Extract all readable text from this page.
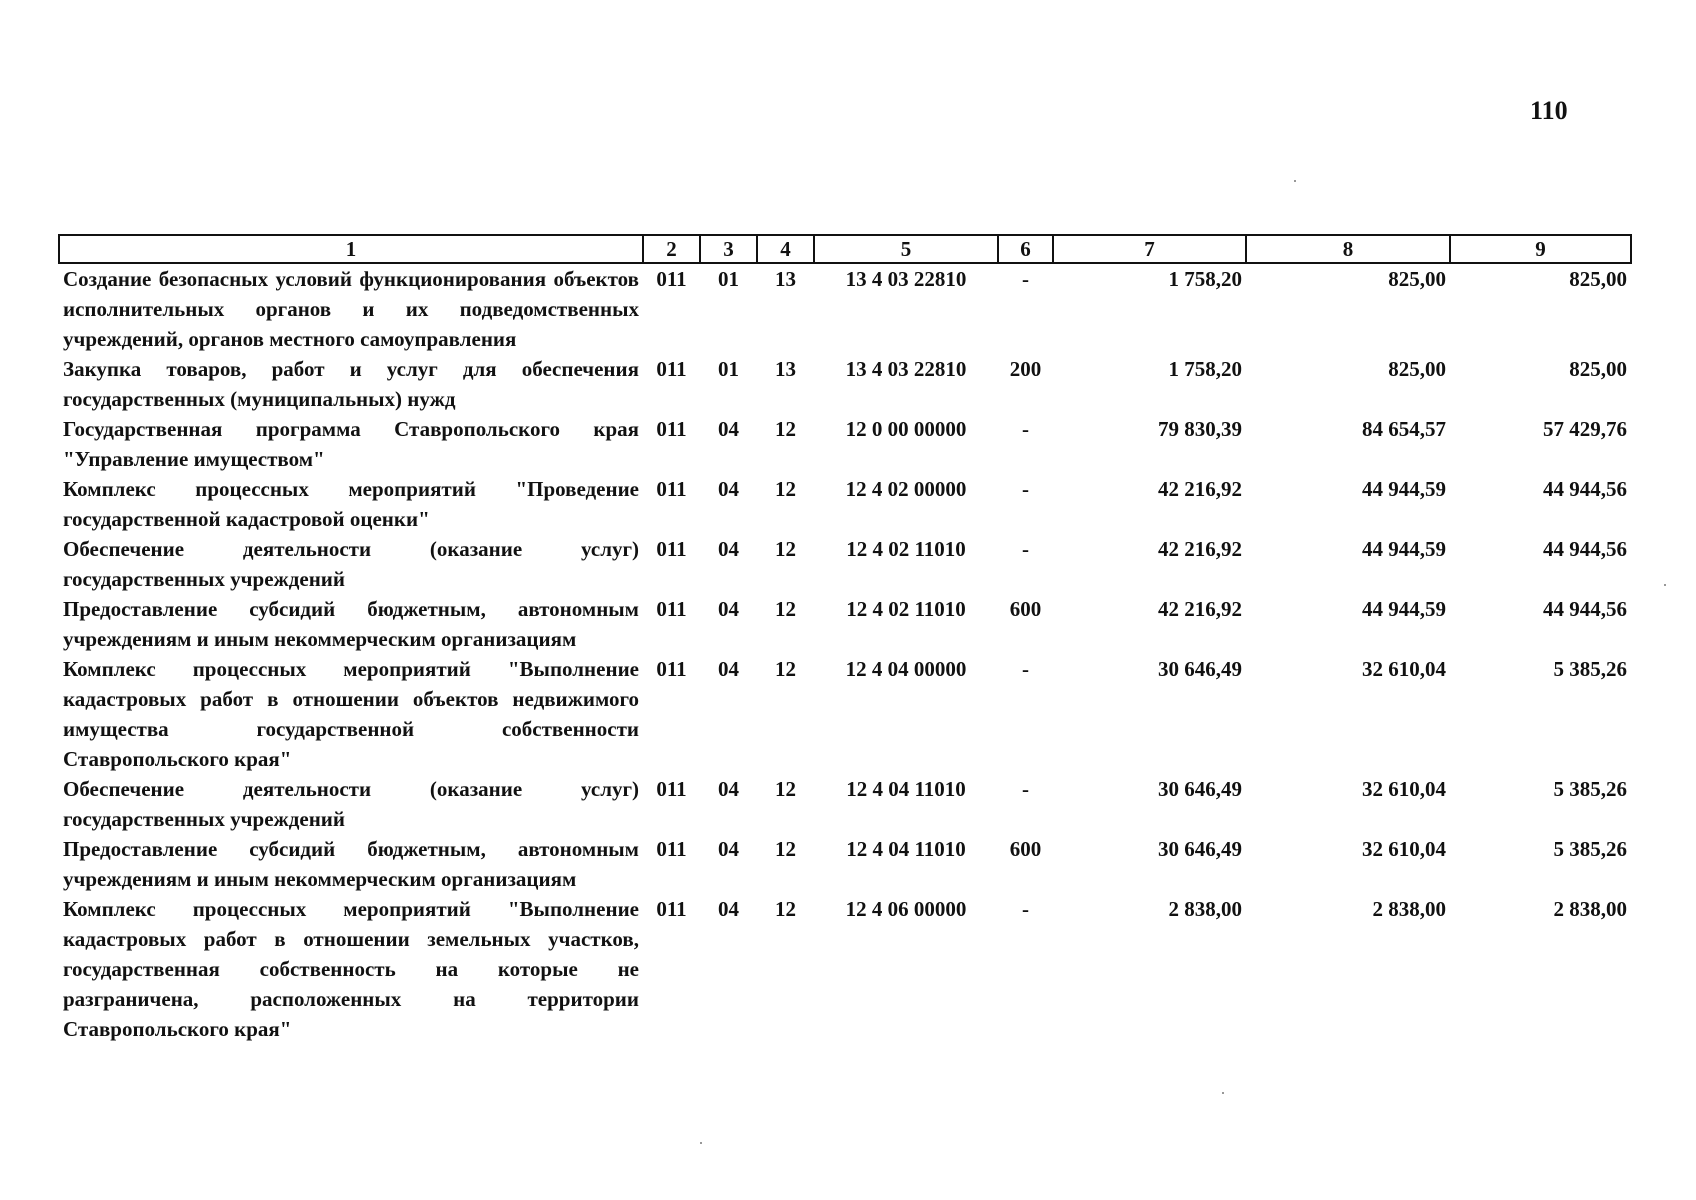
110
1	2	3	4	5	6	7	8	9
Создание безопасных условий функционирования объектов исполнительных органов и их подведомственных учреждений, органов местного самоуправления	011	01	13	13 4 03 22810	-	1 758,20	825,00	825,00
Закупка товаров, работ и услуг для обеспечения государственных (муниципальных) нужд	011	01	13	13 4 03 22810	200	1 758,20	825,00	825,00
Государственная программа Ставропольского края "Управление имуществом"	011	04	12	12 0 00 00000	-	79 830,39	84 654,57	57 429,76
Комплекс процессных мероприятий "Проведение государственной кадастровой оценки"	011	04	12	12 4 02 00000	-	42 216,92	44 944,59	44 944,56
Обеспечение деятельности (оказание услуг) государственных учреждений	011	04	12	12 4 02 11010	-	42 216,92	44 944,59	44 944,56
Предоставление субсидий бюджетным, автономным учреждениям и иным некоммерческим организациям	011	04	12	12 4 02 11010	600	42 216,92	44 944,59	44 944,56
Комплекс процессных мероприятий "Выполнение кадастровых работ в отношении объектов недвижимого имущества государственной собственности Ставропольского края"	011	04	12	12 4 04 00000	-	30 646,49	32 610,04	5 385,26
Обеспечение деятельности (оказание услуг) государственных учреждений	011	04	12	12 4 04 11010	-	30 646,49	32 610,04	5 385,26
Предоставление субсидий бюджетным, автономным учреждениям и иным некоммерческим организациям	011	04	12	12 4 04 11010	600	30 646,49	32 610,04	5 385,26
Комплекс процессных мероприятий "Выполнение кадастровых работ в отношении земельных участков, государственная собственность на которые не разграничена, расположенных на территории Ставропольского края"	011	04	12	12 4 06 00000	-	2 838,00	2 838,00	2 838,00
